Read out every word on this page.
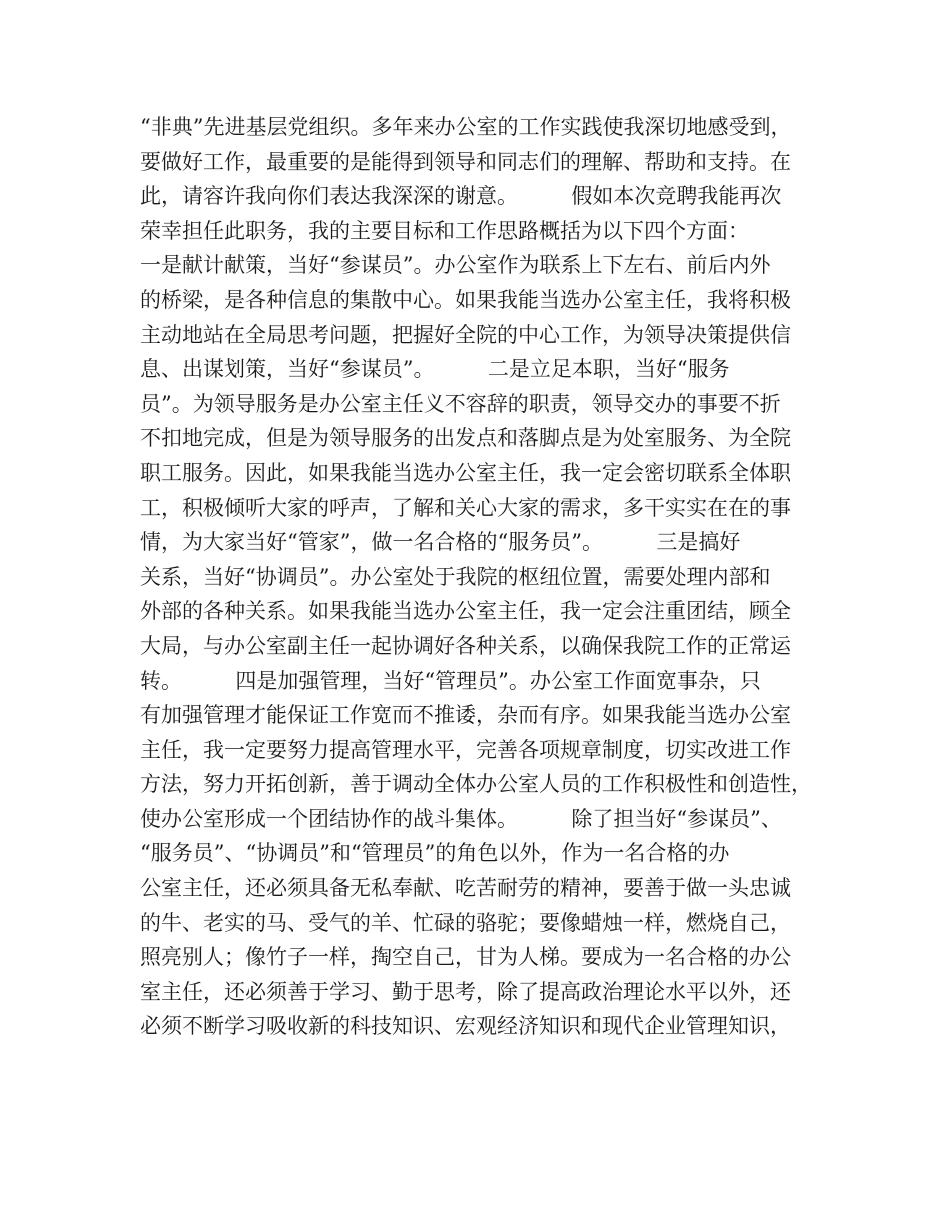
“非典”先进基层党组织。多年来办公室的工作实践使我深切地感受到，
要做好工作，最重要的是能得到领导和同志们的理解、帮助和支持。在
此，请容许我向你们表达我深深的谢意。        假如本次竞聘我能再次
荣幸担任此职务，我的主要目标和工作思路概括为以下四个方面：
一是献计献策，当好“参谋员”。办公室作为联系上下左右、前后内外
的桥梁，是各种信息的集散中心。如果我能当选办公室主任，我将积极
主动地站在全局思考问题，把握好全院的中心工作，为领导决策提供信
息、出谋划策，当好“参谋员”。        二是立足本职，当好“服务
员”。为领导服务是办公室主任义不容辞的职责，领导交办的事要不折
不扣地完成，但是为领导服务的出发点和落脚点是为处室服务、为全院
职工服务。因此，如果我能当选办公室主任，我一定会密切联系全体职
工，积极倾听大家的呼声，了解和关心大家的需求，多干实实在在的事
情，为大家当好“管家”，做一名合格的“服务员”。        三是搞好
关系，当好“协调员”。办公室处于我院的枢纽位置，需要处理内部和
外部的各种关系。如果我能当选办公室主任，我一定会注重团结，顾全
大局，与办公室副主任一起协调好各种关系，以确保我院工作的正常运
转。        四是加强管理，当好“管理员”。办公室工作面宽事杂，只
有加强管理才能保证工作宽而不推诿，杂而有序。如果我能当选办公室
主任，我一定要努力提高管理水平，完善各项规章制度，切实改进工作
方法，努力开拓创新，善于调动全体办公室人员的工作积极性和创造性，
使办公室形成一个团结协作的战斗集体。        除了担当好“参谋员”、
“服务员”、“协调员”和“管理员”的角色以外，作为一名合格的办
公室主任，还必须具备无私奉献、吃苦耐劳的精神，要善于做一头忠诚
的牛、老实的马、受气的羊、忙碌的骆驼；要像蜡烛一样，燃烧自己，
照亮别人；像竹子一样，掏空自己，甘为人梯。要成为一名合格的办公
室主任，还必须善于学习、勤于思考，除了提高政治理论水平以外，还
必须不断学习吸收新的科技知识、宏观经济知识和现代企业管理知识，
